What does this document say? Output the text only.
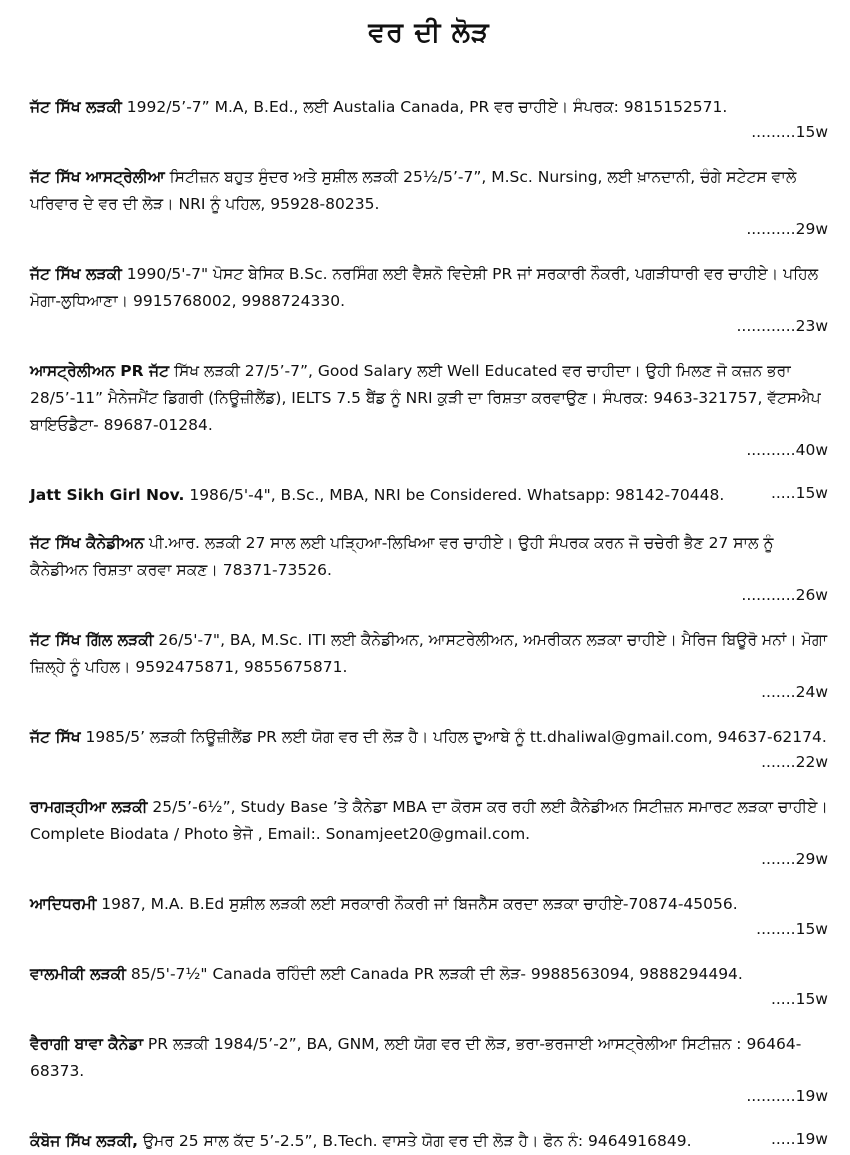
ਵਰ ਦੀ ਲੋੜ
ਜੱਟ ਸਿੱਖ ਲੜਕੀ 1992/5’-7” M.A, B.Ed., ਲਈ Austalia Canada, PR ਵਰ ਚਾਹੀਏ। ਸੰਪਰਕ: 9815152571.
.........15w
ਜੱਟ ਸਿੱਖ ਆਸਟ੍ਰੇਲੀਆ ਸਿਟੀਜ਼ਨ ਬਹੁਤ ਸੁੰਦਰ ਅਤੇ ਸੁਸ਼ੀਲ ਲੜਕੀ 25½/5’-7”, M.Sc. Nursing, ਲਈ ਖ਼ਾਨਦਾਨੀ, ਚੰਗੇ ਸਟੇਟਸ ਵਾਲੇ ਪਰਿਵਾਰ ਦੇ ਵਰ ਦੀ ਲੋੜ। NRI ਨੂੰ ਪਹਿਲ, 95928-80235.
..........29w
ਜੱਟ ਸਿੱਖ ਲੜਕੀ 1990/5'-7" ਪੋਸਟ ਬੇਸਿਕ B.Sc. ਨਰਸਿੰਗ ਲਈ ਵੈਸ਼ਨੋ ਵਿਦੇਸ਼ੀ PR ਜਾਂ ਸਰਕਾਰੀ ਨੌਕਰੀ, ਪਗੜੀਧਾਰੀ ਵਰ ਚਾਹੀਏ। ਪਹਿਲ ਮੋਗਾ-ਲੁਧਿਆਣਾ। 9915768002, 9988724330.
............23w
ਆਸਟ੍ਰੇਲੀਅਨ PR ਜੱਟ ਸਿੱਖ ਲੜਕੀ 27/5’-7”, Good Salary ਲਈ Well Educated ਵਰ ਚਾਹੀਦਾ। ਉਹੀ ਮਿਲਣ ਜੋ ਕਜ਼ਨ ਭਰਾ 28/5’-11” ਮੈਨੇਜਮੈਂਟ ਡਿਗਰੀ (ਨਿਊਜ਼ੀਲੈਂਡ), IELTS 7.5 ਬੈਂਡ ਨੂੰ NRI ਕੁੜੀ ਦਾ ਰਿਸ਼ਤਾ ਕਰਵਾਉਣ। ਸੰਪਰਕ: 9463-321757, ਵੱਟਸਐਪ ਬਾਇਓਡੈਟਾ- 89687-01284.
..........40w
Jatt Sikh Girl Nov. 1986/5'-4", B.Sc., MBA, NRI be Considered. Whatsapp: 98142-70448.	.....15w
ਜੱਟ ਸਿੱਖ ਕੈਨੇਡੀਅਨ ਪੀ.ਆਰ. ਲੜਕੀ 27 ਸਾਲ ਲਈ ਪੜ੍ਹਿਆ-ਲਿਖਿਆ ਵਰ ਚਾਹੀਏ। ਉਹੀ ਸੰਪਰਕ ਕਰਨ ਜੋ ਚਚੇਰੀ ਭੈਣ 27 ਸਾਲ ਨੂੰ ਕੈਨੇਡੀਅਨ ਰਿਸ਼ਤਾ ਕਰਵਾ ਸਕਣ। 78371-73526.
...........26w
ਜੱਟ ਸਿੱਖ ਗਿੱਲ ਲੜਕੀ 26/5'-7", BA, M.Sc. ITI ਲਈ ਕੈਨੇਡੀਅਨ, ਆਸਟਰੇਲੀਅਨ, ਅਮਰੀਕਨ ਲੜਕਾ ਚਾਹੀਏ। ਮੈਰਿਜ ਬਿਊਰੋ ਮਨਾਂ। ਮੋਗਾ ਜ਼ਿਲ੍ਹੇ ਨੂੰ ਪਹਿਲ। 9592475871, 9855675871.
.......24w
ਜੱਟ ਸਿੱਖ 1985/5’ ਲੜਕੀ ਨਿਊਜ਼ੀਲੈਂਡ PR ਲਈ ਯੋਗ ਵਰ ਦੀ ਲੋੜ ਹੈ। ਪਹਿਲ ਦੁਆਬੇ ਨੂੰ tt.dhaliwal@gmail.com, 94637-62174.
.......22w
ਰਾਮਗੜ੍ਹੀਆ ਲੜਕੀ 25/5’-6½”, Study Base ’ਤੇ ਕੈਨੇਡਾ MBA ਦਾ ਕੋਰਸ ਕਰ ਰਹੀ ਲਈ ਕੈਨੇਡੀਅਨ ਸਿਟੀਜ਼ਨ ਸਮਾਰਟ ਲੜਕਾ ਚਾਹੀਏ। Complete Biodata / Photo ਭੇਜੋ , Email:. Sonamjeet20@gmail.com.
.......29w
ਆਦਿਧਰਮੀ 1987, M.A. B.Ed ਸੁਸ਼ੀਲ ਲੜਕੀ ਲਈ ਸਰਕਾਰੀ ਨੌਕਰੀ ਜਾਂ ਬਿਜਨੈੱਸ ਕਰਦਾ ਲੜਕਾ ਚਾਹੀਏ-70874-45056.
........15w
ਵਾਲਮੀਕੀ ਲੜਕੀ 85/5'-7½" Canada ਰਹਿੰਦੀ ਲਈ Canada PR ਲੜਕੀ ਦੀ ਲੋੜ- 9988563094, 9888294494.
.....15w
ਵੈਰਾਗੀ ਬਾਵਾ ਕੈਨੇਡਾ PR ਲੜਕੀ 1984/5’-2”, BA, GNM, ਲਈ ਯੋਗ ਵਰ ਦੀ ਲੋੜ, ਭਰਾ-ਭਰਜਾਈ ਆਸਟ੍ਰੇਲੀਆ ਸਿਟੀਜ਼ਨ : 96464-68373.
..........19w
ਕੰਬੋਜ ਸਿੱਖ ਲੜਕੀ, ਉਮਰ 25 ਸਾਲ ਕੱਦ 5’-2.5”, B.Tech. ਵਾਸਤੇ ਯੋਗ ਵਰ ਦੀ ਲੋੜ ਹੈ। ਫੋਨ ਨੰ: 9464916849.	.....19w
